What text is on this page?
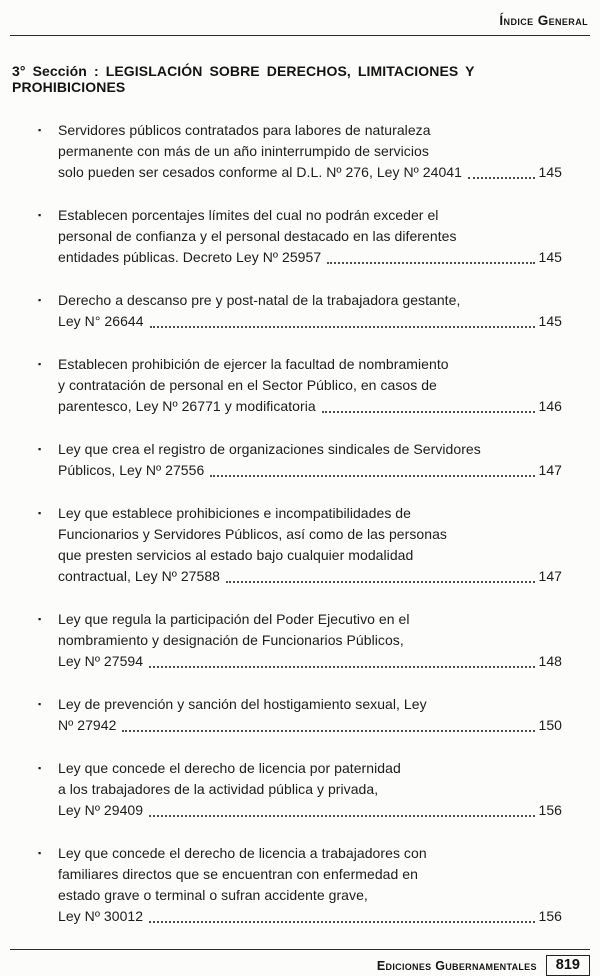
Índice General
3° Sección : LEGISLACIÓN SOBRE DERECHOS, LIMITACIONES Y PROHIBICIONES
▪	Servidores públicos contratados para labores de naturaleza
permanente con más de un año ininterrumpido de servicios
solo pueden ser cesados conforme al D.L. Nº 276, Ley Nº 24041	145
▪	Establecen porcentajes límites del cual no podrán exceder el
personal de confianza y el personal destacado en las diferentes
entidades públicas. Decreto Ley Nº 25957	145
▪	Derecho a descanso pre y post-natal de la trabajadora gestante,
Ley N° 26644	145
▪	Establecen prohibición de ejercer la facultad de nombramiento
y contratación de personal en el Sector Público, en casos de
parentesco, Ley Nº 26771 y modificatoria	146
▪	Ley que crea el registro de organizaciones sindicales de Servidores
Públicos, Ley Nº 27556	147
▪	Ley que establece prohibiciones e incompatibilidades de
Funcionarios y Servidores Públicos, así como de las personas
que presten servicios al estado bajo cualquier modalidad
contractual, Ley Nº 27588	147
▪	Ley que regula la participación del Poder Ejecutivo en el
nombramiento y designación de Funcionarios Públicos,
Ley Nº 27594	148
▪	Ley de prevención y sanción del hostigamiento sexual, Ley
Nº 27942	150
▪	Ley que concede el derecho de licencia por paternidad
a los trabajadores de la actividad pública y privada,
Ley Nº 29409	156
▪	Ley que concede el derecho de licencia a trabajadores con
familiares directos que se encuentran con enfermedad en
estado grave o terminal o sufran accidente grave,
Ley Nº 30012	156
Ediciones Gubernamentales	819
